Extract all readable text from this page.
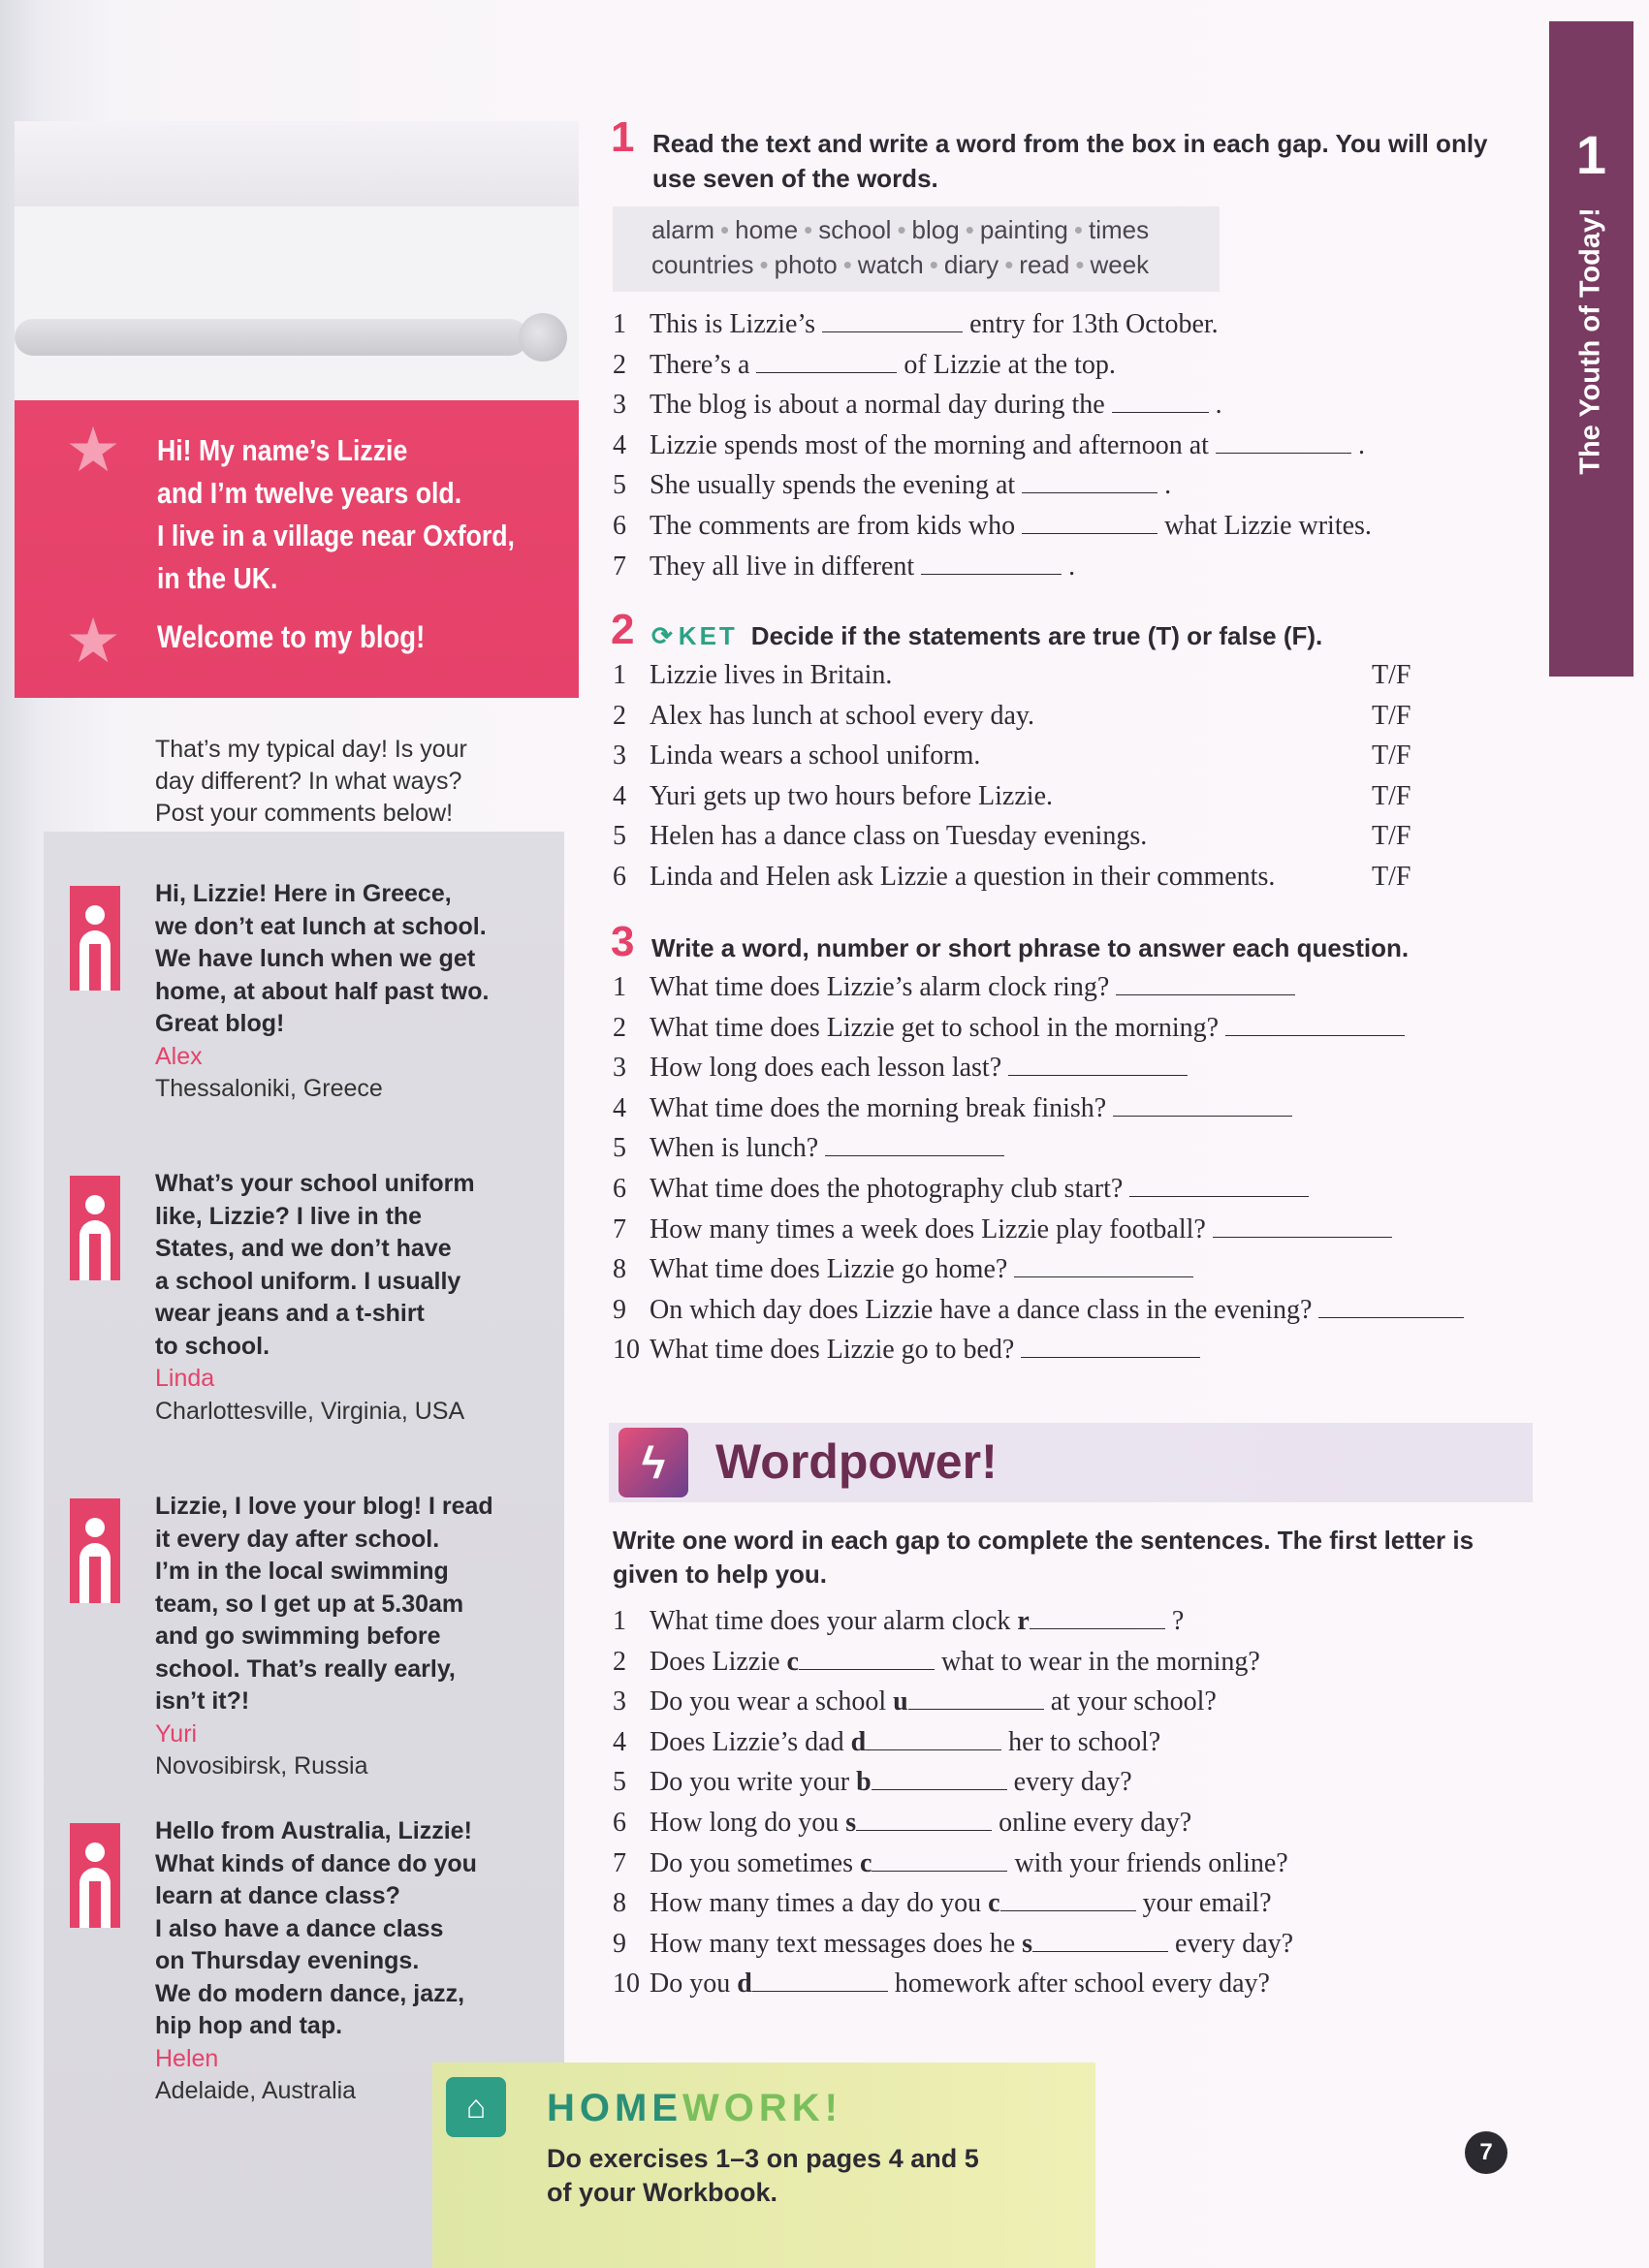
★ Hi! My name’s Lizzie
and I’m twelve years old.
I live in a village near Oxford,
in the UK.
★ Welcome to my blog!
That’s my typical day! Is your
day different? In what ways?
Post your comments below!
Hi, Lizzie! Here in Greece,
we don’t eat lunch at school.
We have lunch when we get
home, at about half past two.
Great blog!
Alex
Thessaloniki, Greece
What’s your school uniform
like, Lizzie? I live in the
States, and we don’t have
a school uniform. I usually
wear jeans and a t-shirt
to school.
Linda
Charlottesville, Virginia, USA
Lizzie, I love your blog! I read
it every day after school.
I’m in the local swimming
team, so I get up at 5.30am
and go swimming before
school. That’s really early,
isn’t it?!
Yuri
Novosibirsk, Russia
Hello from Australia, Lizzie!
What kinds of dance do you
learn at dance class?
I also have a dance class
on Thursday evenings.
We do modern dance, jazz,
hip hop and tap.
Helen
Adelaide, Australia
1 Read the text and write a word from the box in each gap. You will only
use seven of the words.
alarm • home • school • blog • painting • times
countries • photo • watch • diary • read • week
1 This is Lizzie’s	entry for 13th October.
2 There’s a	of Lizzie at the top.
3 The blog is about a normal day during the	.
4 Lizzie spends most of the morning and afternoon at	.
5 She usually spends the evening at	.
6 The comments are from kids who	what Lizzie writes.
7 They all live in different	.
2 ⟳ KET Decide if the statements are true (T) or false (F).
1 Lizzie lives in Britain.	T/F
2 Alex has lunch at school every day.	T/F
3 Linda wears a school uniform.	T/F
4 Yuri gets up two hours before Lizzie.	T/F
5 Helen has a dance class on Tuesday evenings.	T/F
6 Linda and Helen ask Lizzie a question in their comments.	T/F
3 Write a word, number or short phrase to answer each question.
1 What time does Lizzie’s alarm clock ring?
2 What time does Lizzie get to school in the morning?
3 How long does each lesson last?
4 What time does the morning break finish?
5 When is lunch?
6 What time does the photography club start?
7 How many times a week does Lizzie play football?
8 What time does Lizzie go home?
9 On which day does Lizzie have a dance class in the evening?
10 What time does Lizzie go to bed?
ϟ	Wordpower!
Write one word in each gap to complete the sentences. The first letter is
given to help you.
1 What time does your alarm clock r	?
2 Does Lizzie c	what to wear in the morning?
3 Do you wear a school u	at your school?
4 Does Lizzie’s dad d	her to school?
5 Do you write your b	every day?
6 How long do you s	online every day?
7 Do you sometimes c	with your friends online?
8 How many times a day do you c	your email?
9 How many text messages does he s	every day?
10 Do you d	homework after school every day?
1
The Youth of Today!
⌂	HOMEWORK!
Do exercises 1–3 on pages 4 and 5
of your Workbook.
7
